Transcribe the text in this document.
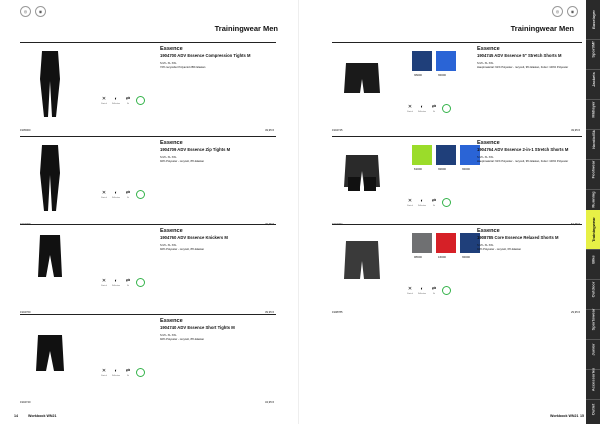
◎	◉
Trainingwear Men
Essence
1904700 ADV Essence Compression Tights M
S M L XL XXL
72% recycelter Polyamid 28% Elastan
✕
Stretch
◐
Reflection
⇄
Fit
1905000	49,95 €
Essence
1904709 ADV Essence Zip Tights M
S M L XL XXL
92% Polyester - recycelt, 8% Elastan
✕
Stretch
◐
Reflection
⇄
Fit
1904709	49,95 €
Essence
1904760 ADV Essence Knickers M
S M L XL XXL
92% Polyester - recycelt, 8% Elastan
✕
Stretch
◐
Reflection
⇄
Fit
1904760	39,95 €
Essence
1904740 ADV Essence Short Tights M
S M L XL XXL
92% Polyester - recycelt, 8% Elastan
✕
Stretch
◐
Reflection
⇄
Fit
1904740	34,95 €
14	Workbook WN21
◎	◉
Trainingwear Men
389000	360000
Essence
1904745 ADV Essence 5" Stretch Shorts M
S M L XL XXL
Hauptmaterial: 91% Polyester - recycelt, 9% Elastan, Futter: 100% Polyester
✕
Stretch
◐
Reflection
⇄
Fit
1904745	49,95 €
810000	396000	360000
Essence
1904764 ADV Essence 2-in-1 Stretch Shorts M
S M L XL XXL
Hauptmaterial: 91% Polyester - recycelt, 9% Elastan, Futter: 100% Polyester
✕
Stretch
◐
Reflection
⇄
Fit
1904764	54,95 €
985000	430000	360000
Essence
1908785 Core Essence Relaxed Shorts M
S M L XL XXL
94% Polyester - recycelt, 6% Elastan
✕
Stretch
◐
Reflection
⇄
Fit
1908785	29,95 €
Workbook WN21 15
Baselayer
Sport/Mf
Jackets
Midlayer
Nordic/Sk
Footwear
Running
Trainingwear
Bike
Outdoor
Sportswear
Junior
Accessories
Outlet
